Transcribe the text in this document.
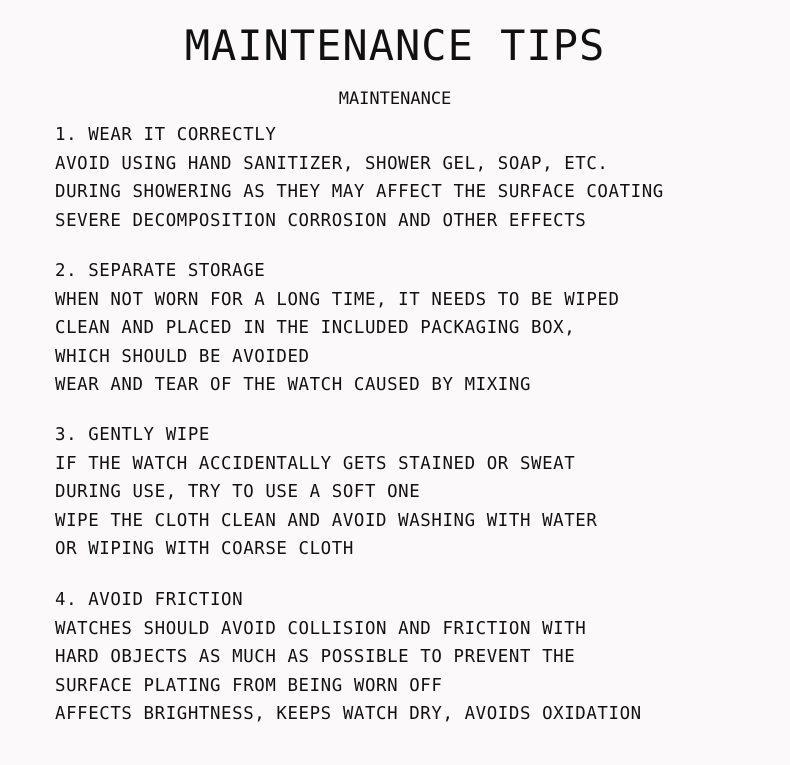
MAINTENANCE TIPS
MAINTENANCE
1. WEAR IT CORRECTLY
AVOID USING HAND SANITIZER, SHOWER GEL, SOAP, ETC.
DURING SHOWERING AS THEY MAY AFFECT THE SURFACE COATING
SEVERE DECOMPOSITION CORROSION AND OTHER EFFECTS
2. SEPARATE STORAGE
WHEN NOT WORN FOR A LONG TIME, IT NEEDS TO BE WIPED
CLEAN AND PLACED IN THE INCLUDED PACKAGING BOX,
WHICH SHOULD BE AVOIDED
WEAR AND TEAR OF THE WATCH CAUSED BY MIXING
3. GENTLY WIPE
IF THE WATCH ACCIDENTALLY GETS STAINED OR SWEAT
DURING USE, TRY TO USE A SOFT ONE
WIPE THE CLOTH CLEAN AND AVOID WASHING WITH WATER
OR WIPING WITH COARSE CLOTH
4. AVOID FRICTION
WATCHES SHOULD AVOID COLLISION AND FRICTION WITH
HARD OBJECTS AS MUCH AS POSSIBLE TO PREVENT THE
SURFACE PLATING FROM BEING WORN OFF
AFFECTS BRIGHTNESS, KEEPS WATCH DRY, AVOIDS OXIDATION
